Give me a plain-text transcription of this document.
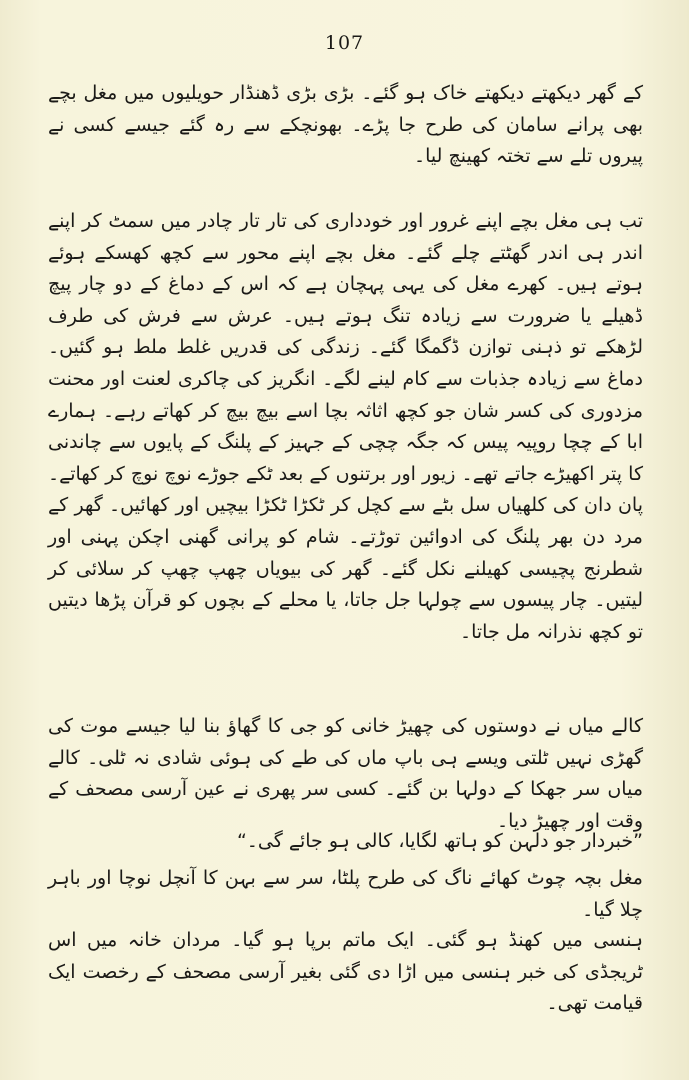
107

کے گھر دیکھتے دیکھتے خاک ہو گئے۔ بڑی بڑی ڈھنڈار حویلیوں میں مغل بچے بھی پرانے سامان کی طرح جا پڑے۔ بھونچکے سے رہ گئے جیسے کسی نے پیروں تلے سے تختہ کھینچ لیا۔

تب ہی مغل بچے اپنے غرور اور خودداری کی تار تار چادر میں سمٹ کر اپنے اندر ہی اندر گھٹتے چلے گئے۔ مغل بچے اپنے محور سے کچھ کھسکے ہوئے ہوتے ہیں۔ کھرے مغل کی یہی پہچان ہے کہ اس کے دماغ کے دو چار پیچ ڈھیلے یا ضرورت سے زیادہ تنگ ہوتے ہیں۔ عرش سے فرش کی طرف لڑھکے تو ذہنی توازن ڈگمگا گئے۔ زندگی کی قدریں غلط ملط ہو گئیں۔ دماغ سے زیادہ جذبات سے کام لینے لگے۔ انگریز کی چاکری لعنت اور محنت مزدوری کی کسر شان جو کچھ اثاثہ بچا اسے بیچ بیچ کر کھاتے رہے۔ ہمارے ابا کے چچا روپیہ پیس کہ جگہ چچی کے جہیز کے پلنگ کے پایوں سے چاندنی کا پتر اکھیڑے جاتے تھے۔ زیور اور برتنوں کے بعد ٹکے جوڑے نوچ نوچ کر کھاتے۔ پان دان کی کلھیاں سل بٹے سے کچل کر ٹکڑا ٹکڑا بیچیں اور کھائیں۔ گھر کے مرد دن بھر پلنگ کی ادوائین توڑتے۔ شام کو پرانی گھنی اچکن پہنی اور شطرنج پچیسی کھیلنے نکل گئے۔ گھر کی بیویاں چھپ چھپ کر سلائی کر لیتیں۔ چار پیسوں سے چولہا جل جاتا، یا محلے کے بچوں کو قرآن پڑھا دیتیں تو کچھ نذرانہ مل جاتا۔

کالے میاں نے دوستوں کی چھیڑ خانی کو جی کا گھاؤ بنا لیا جیسے موت کی گھڑی نہیں ٹلتی ویسے ہی باپ ماں کی طے کی ہوئی شادی نہ ٹلی۔ کالے میاں سر جھکا کے دولہا بن گئے۔ کسی سر پھری نے عین آرسی مصحف کے وقت اور چھیڑ دیا۔

”خبردار جو دلہن کو ہاتھ لگایا، کالی ہو جائے گی۔“

مغل بچہ چوٹ کھائے ناگ کی طرح پلٹا، سر سے بہن کا آنچل نوچا اور باہر چلا گیا۔

ہنسی میں کھنڈ ہو گئی۔ ایک ماتم برپا ہو گیا۔ مردان خانہ میں اس ٹریجڈی کی خبر ہنسی میں اڑا دی گئی بغیر آرسی مصحف کے رخصت ایک قیامت تھی۔
